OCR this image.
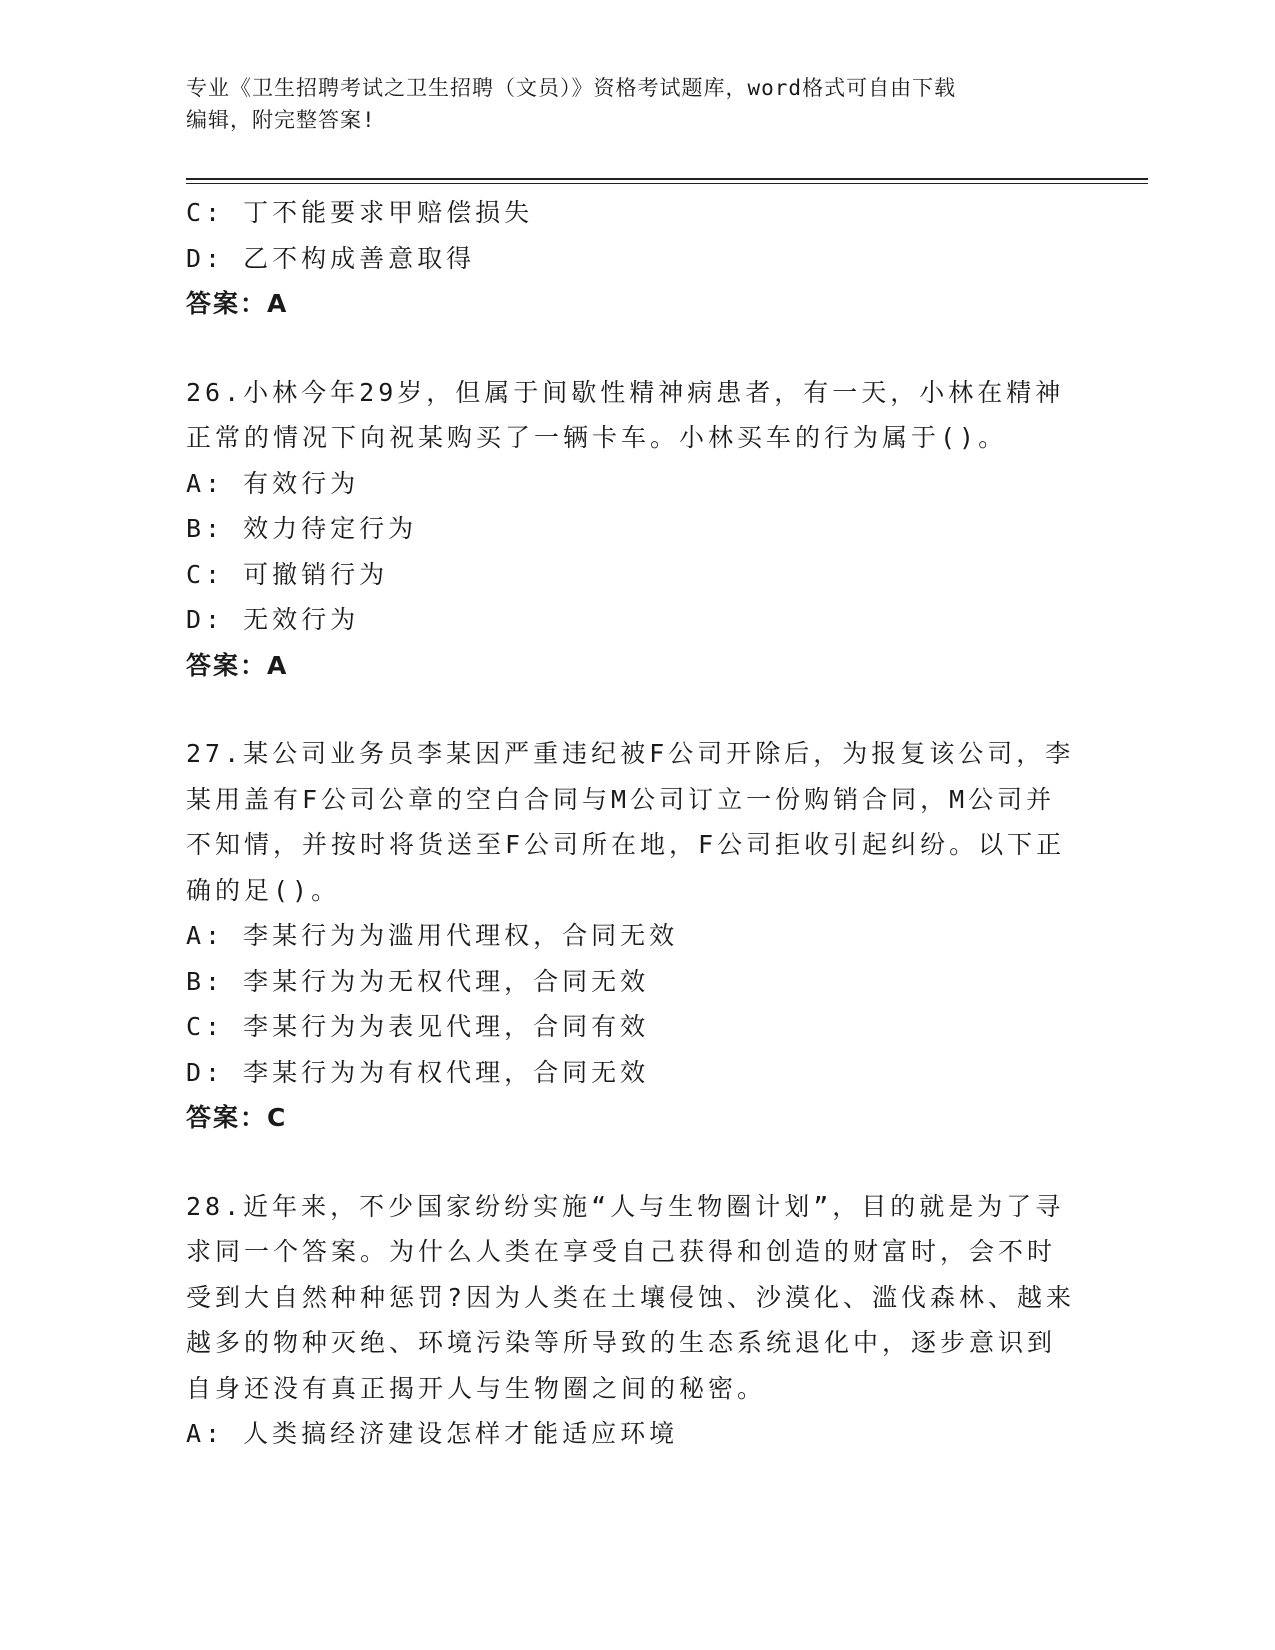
专业《卫生招聘考试之卫生招聘（文员）》资格考试题库，word格式可自由下载
编辑，附完整答案!
C: 丁不能要求甲赔偿损失
D: 乙不构成善意取得
答案：A
26.小林今年29岁，但属于间歇性精神病患者，有一天，小林在精神
正常的情况下向祝某购买了一辆卡车。小林买车的行为属于()。
A: 有效行为
B: 效力待定行为
C: 可撤销行为
D: 无效行为
答案：A
27.某公司业务员李某因严重违纪被F公司开除后，为报复该公司，李
某用盖有F公司公章的空白合同与M公司订立一份购销合同，M公司并
不知情，并按时将货送至F公司所在地，F公司拒收引起纠纷。以下正
确的足()。
A: 李某行为为滥用代理权，合同无效
B: 李某行为为无权代理，合同无效
C: 李某行为为表见代理，合同有效
D: 李某行为为有权代理，合同无效
答案：C
28.近年来，不少国家纷纷实施“人与生物圈计划”，目的就是为了寻
求同一个答案。为什么人类在享受自己获得和创造的财富时，会不时
受到大自然种种惩罚?因为人类在土壤侵蚀、沙漠化、滥伐森林、越来
越多的物种灭绝、环境污染等所导致的生态系统退化中，逐步意识到
自身还没有真正揭开人与生物圈之间的秘密。
A: 人类搞经济建设怎样才能适应环境
